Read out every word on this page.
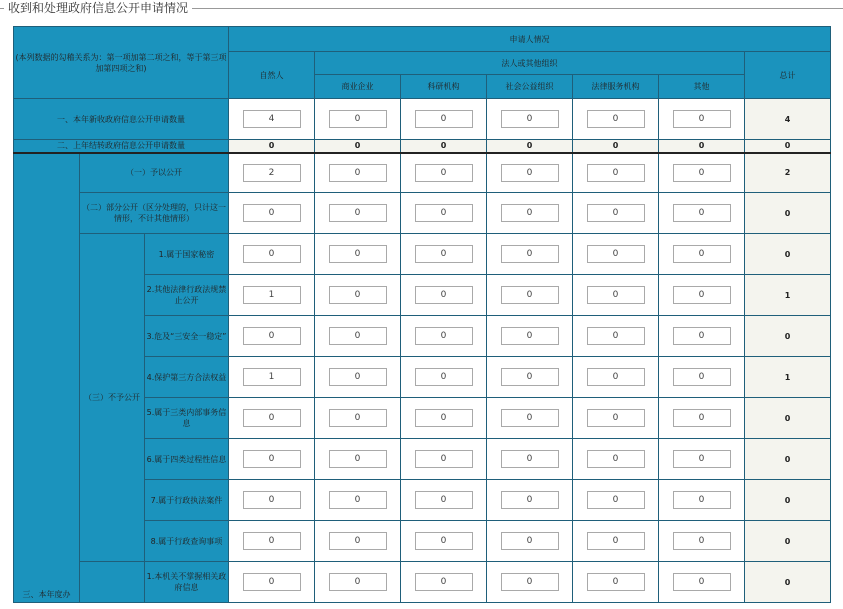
收到和处理政府信息公开申请情况
(本列数据的勾稽关系为：第一项加第二项之和，等于第三项加第四项之和)			申请人情况						
			自然人	法人或其他组织					总计
				商业企业	科研机构	社会公益组织	法律服务机构	其他	
一、本年新收政府信息公开申请数量	4	0	0	0	0	0			4
二、上年结转政府信息公开申请数量			0	0	0	0	0	0	0

三、本年度办	（一）予以公开	2	0	0	0	0	0		2
	（二）部分公开（区分处理的，只计这一情形，不计其他情形）	0	0	0	0	0	0		0
	（三）不予公开	1.属于国家秘密	0	0	0	0	0	0	0
		2.其他法律行政法规禁止公开	1	0	0	0	0	0	1
		3.危及“三安全一稳定”	0	0	0	0	0	0	0
		4.保护第三方合法权益	1	0	0	0	0	0	1
		5.属于三类内部事务信息	0	0	0	0	0	0	0
		6.属于四类过程性信息	0	0	0	0	0	0	0
		7.属于行政执法案件	0	0	0	0	0	0	0
		8.属于行政查询事项	0	0	0	0	0	0	0
		1.本机关不掌握相关政府信息	0	0	0	0	0	0	0
